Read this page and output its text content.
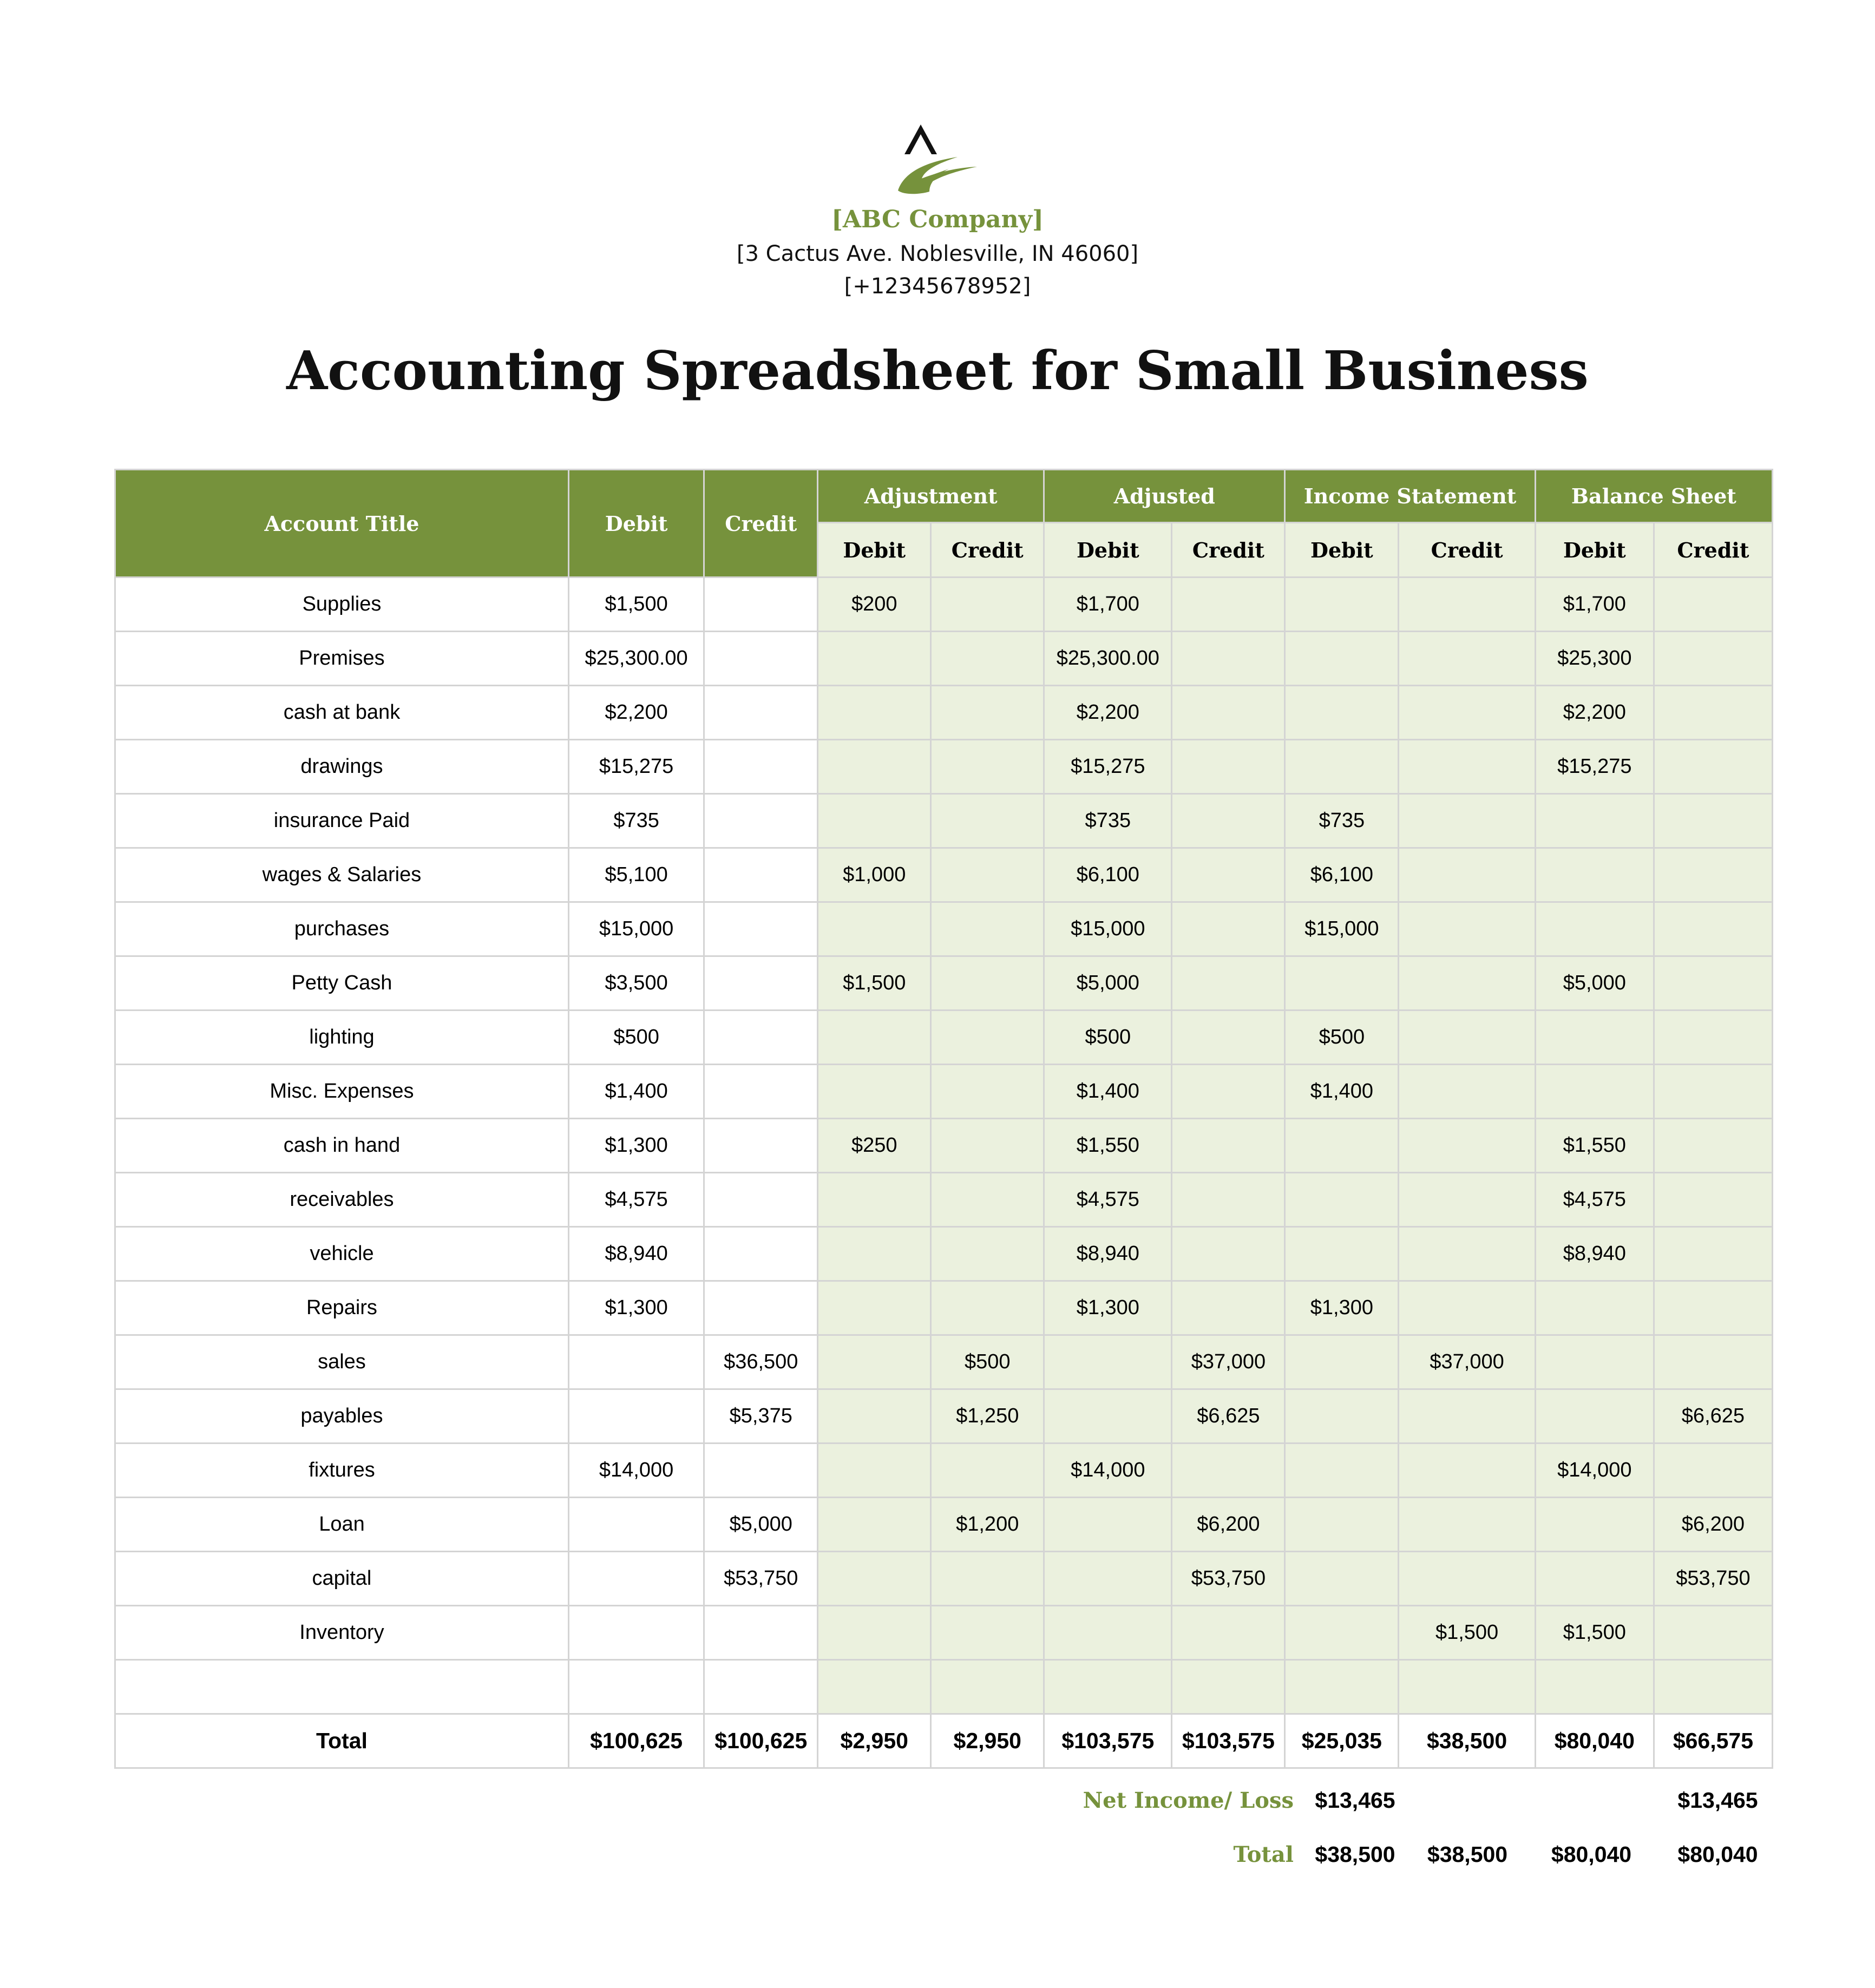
[ABC Company]
[3 Cactus Ave. Noblesville, IN 46060]
[+12345678952]
Accounting Spreadsheet for Small Business
Account Title	Debit	Credit	Adjustment		Adjusted		Income Statement		Balance Sheet	
			Debit	Credit	Debit	Credit	Debit	Credit	Debit	Credit
Supplies	$1,500		$200		$1,700				$1,700	
Premises	$25,300.00				$25,300.00				$25,300	
cash at bank	$2,200				$2,200				$2,200	
drawings	$15,275				$15,275				$15,275	
insurance Paid	$735				$735		$735			
wages & Salaries	$5,100		$1,000		$6,100		$6,100			
purchases	$15,000				$15,000		$15,000			
Petty Cash	$3,500		$1,500		$5,000				$5,000	
lighting	$500				$500		$500			
Misc. Expenses	$1,400				$1,400		$1,400			
cash in hand	$1,300		$250		$1,550				$1,550	
receivables	$4,575				$4,575				$4,575	
vehicle	$8,940				$8,940				$8,940	
Repairs	$1,300				$1,300		$1,300			
sales		$36,500		$500		$37,000		$37,000		
payables		$5,375		$1,250		$6,625				$6,625
fixtures	$14,000				$14,000				$14,000	
Loan		$5,000		$1,200		$6,200				$6,200
capital		$53,750				$53,750				$53,750
Inventory								$1,500	$1,500	

Total	$100,625	$100,625	$2,950	$2,950	$103,575	$103,575	$25,035	$38,500	$80,040	$66,575
Net Income/ Loss	$13,465			$13,465
Total	$38,500	$38,500	$80,040	$80,040
